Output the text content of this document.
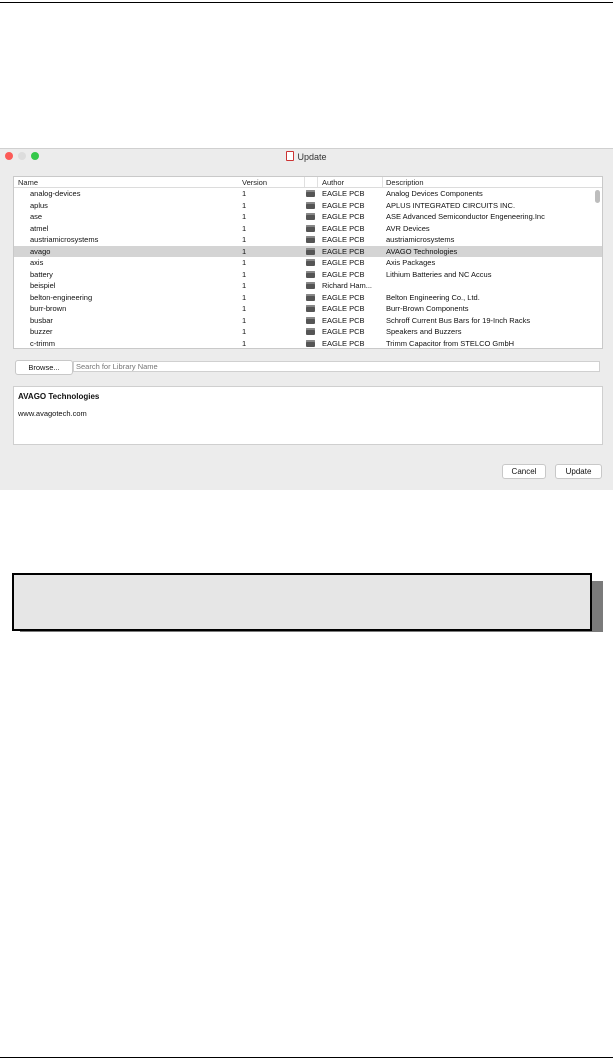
Update
Name	Version	Author	Description
analog-devices	1	EAGLE PCB	Analog Devices Components
aplus	1	EAGLE PCB	APLUS INTEGRATED CIRCUITS INC.
ase	1	EAGLE PCB	ASE Advanced Semiconductor Engeneering.Inc
atmel	1	EAGLE PCB	AVR Devices
austriamicrosystems	1	EAGLE PCB	austriamicrosystems
avago	1	EAGLE PCB	AVAGO Technologies
axis	1	EAGLE PCB	Axis Packages
battery	1	EAGLE PCB	Lithium Batteries and NC Accus
beispiel	1	Richard Ham...
belton-engineering	1	EAGLE PCB	Belton Engineering Co., Ltd.
burr-brown	1	EAGLE PCB	Burr-Brown Components
busbar	1	EAGLE PCB	Schroff Current Bus Bars for 19-Inch Racks
buzzer	1	EAGLE PCB	Speakers and Buzzers
c-trimm	1	EAGLE PCB	Trimm Capacitor from STELCO GmbH
Browse...
Search for Library Name
AVAGO Technologies
www.avagotech.com
Cancel	Update
